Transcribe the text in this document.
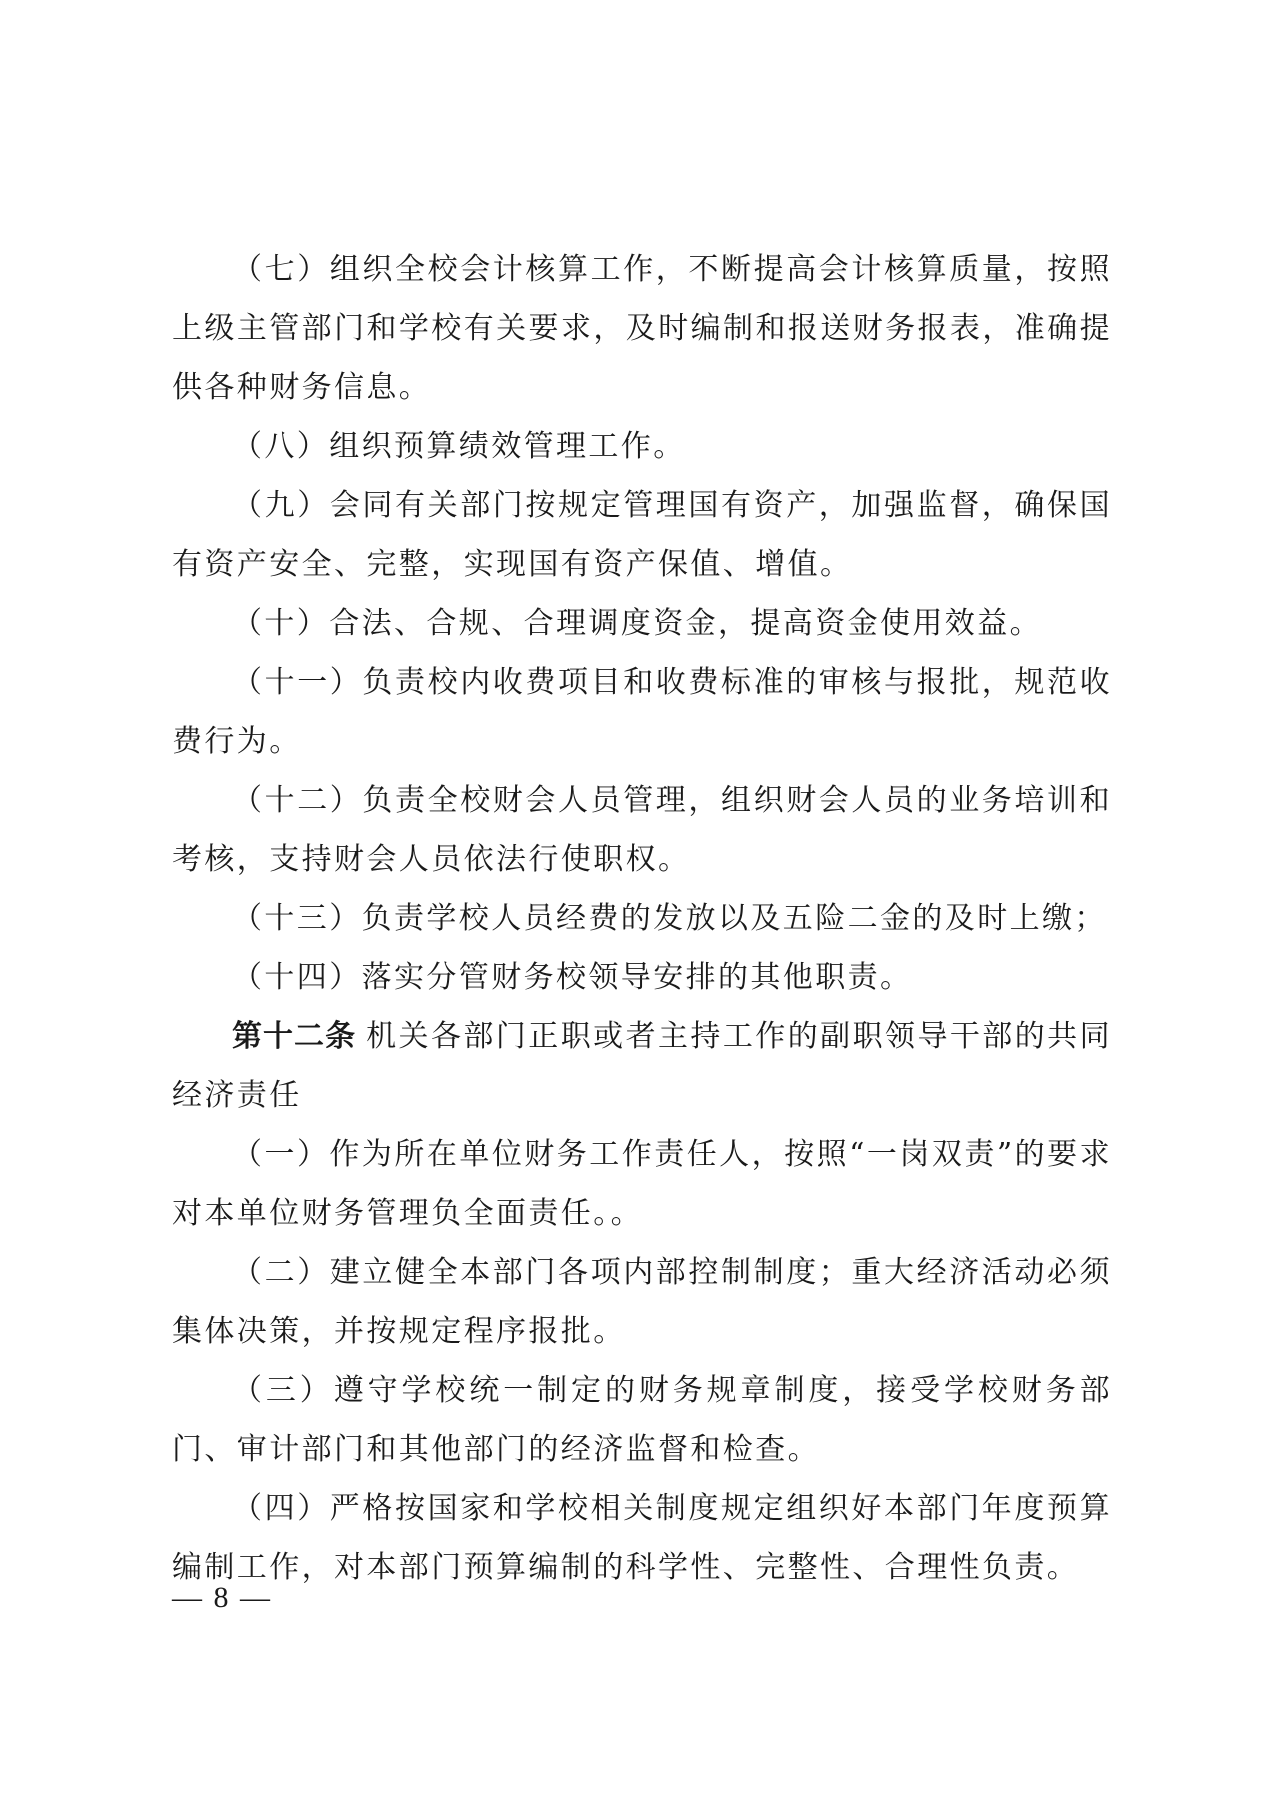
（七）组织全校会计核算工作，不断提高会计核算质量，按照上级主管部门和学校有关要求，及时编制和报送财务报表，准确提供各种财务信息。

（八）组织预算绩效管理工作。

（九）会同有关部门按规定管理国有资产，加强监督，确保国有资产安全、完整，实现国有资产保值、增值。

（十）合法、合规、合理调度资金，提高资金使用效益。

（十一）负责校内收费项目和收费标准的审核与报批，规范收费行为。

（十二）负责全校财会人员管理，组织财会人员的业务培训和考核，支持财会人员依法行使职权。

（十三）负责学校人员经费的发放以及五险二金的及时上缴；

（十四）落实分管财务校领导安排的其他职责。

第十二条 机关各部门正职或者主持工作的副职领导干部的共同经济责任

（一）作为所在单位财务工作责任人，按照“一岗双责”的要求对本单位财务管理负全面责任。。

（二）建立健全本部门各项内部控制制度；重大经济活动必须集体决策，并按规定程序报批。

（三）遵守学校统一制定的财务规章制度，接受学校财务部门、审计部门和其他部门的经济监督和检查。

（四）严格按国家和学校相关制度规定组织好本部门年度预算编制工作，对本部门预算编制的科学性、完整性、合理性负责。

— 8 —
